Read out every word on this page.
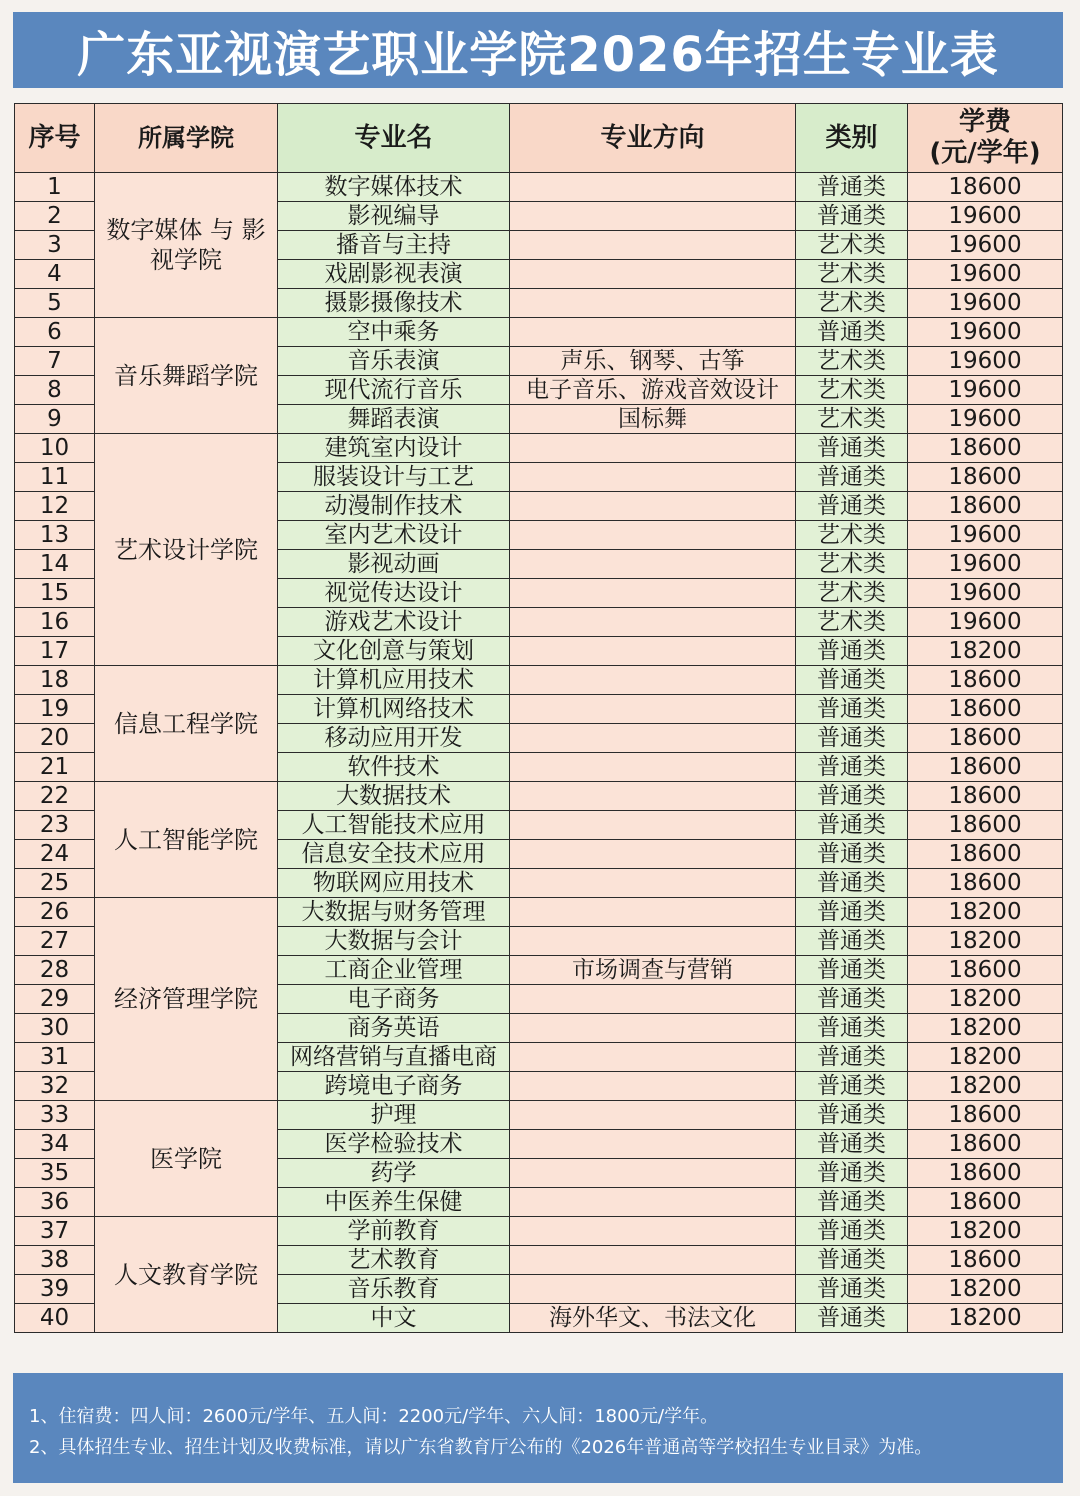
广东亚视演艺职业学院2026年招生专业表
序号	所属学院	专业名	专业方向	类别	学费
(元/学年)

1	数字媒体 与 影视学院	数字媒体技术		普通类	18600
2		影视编导		普通类	19600
3		播音与主持		艺术类	19600
4		戏剧影视表演		艺术类	19600
5		摄影摄像技术		艺术类	19600
6	音乐舞蹈学院	空中乘务		普通类	19600
7		音乐表演	声乐、钢琴、古筝	艺术类	19600
8		现代流行音乐	电子音乐、游戏音效设计	艺术类	19600
9		舞蹈表演	国标舞	艺术类	19600
10	艺术设计学院	建筑室内设计		普通类	18600
11		服装设计与工艺		普通类	18600
12		动漫制作技术		普通类	18600
13		室内艺术设计		艺术类	19600
14		影视动画		艺术类	19600
15		视觉传达设计		艺术类	19600
16		游戏艺术设计		艺术类	19600
17		文化创意与策划		普通类	18200
18	信息工程学院	计算机应用技术		普通类	18600
19		计算机网络技术		普通类	18600
20		移动应用开发		普通类	18600
21		软件技术		普通类	18600
22	人工智能学院	大数据技术		普通类	18600
23		人工智能技术应用		普通类	18600
24		信息安全技术应用		普通类	18600
25		物联网应用技术		普通类	18600
26	经济管理学院	大数据与财务管理		普通类	18200
27		大数据与会计		普通类	18200
28		工商企业管理	市场调查与营销	普通类	18600
29		电子商务		普通类	18200
30		商务英语		普通类	18200
31		网络营销与直播电商		普通类	18200
32		跨境电子商务		普通类	18200
33	医学院	护理		普通类	18600
34		医学检验技术		普通类	18600
35		药学		普通类	18600
36		中医养生保健		普通类	18600
37	人文教育学院	学前教育		普通类	18200
38		艺术教育		普通类	18600
39		音乐教育		普通类	18200
40		中文	海外华文、书法文化	普通类	18200

1、住宿费：四人间：2600元/学年、五人间：2200元/学年、六人间：1800元/学年。

2、具体招生专业、招生计划及收费标准，请以广东省教育厅公布的《2026年普通高等学校招生专业目录》为准。
